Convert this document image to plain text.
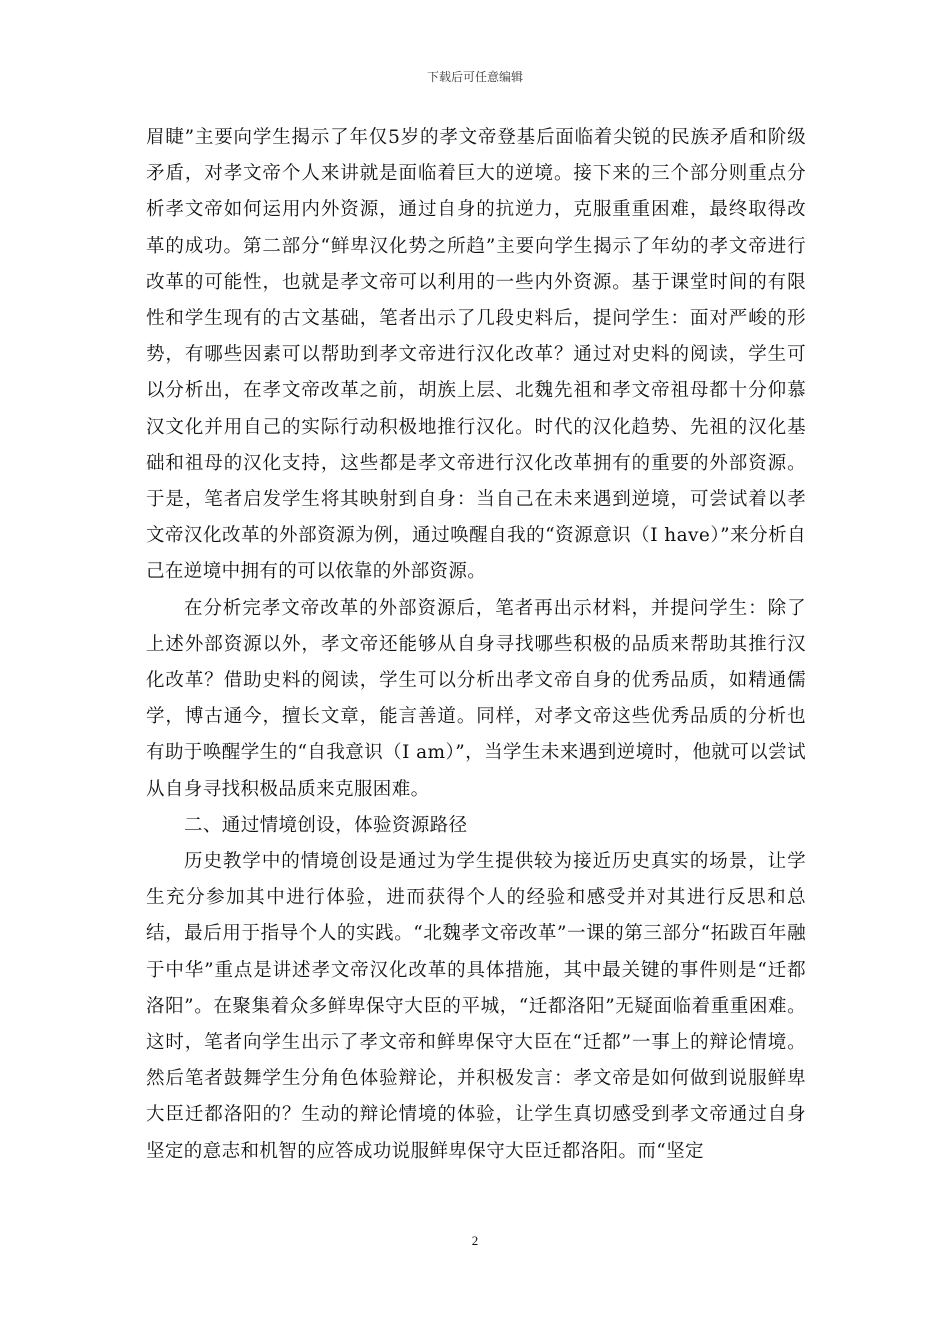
下载后可任意编辑

眉睫”主要向学生揭示了年仅5岁的孝文帝登基后面临着尖锐的民族矛盾和阶级矛盾，对孝文帝个人来讲就是面临着巨大的逆境。接下来的三个部分则重点分析孝文帝如何运用内外资源，通过自身的抗逆力，克服重重困难，最终取得改革的成功。第二部分“鲜卑汉化势之所趋”主要向学生揭示了年幼的孝文帝进行改革的可能性，也就是孝文帝可以利用的一些内外资源。基于课堂时间的有限性和学生现有的古文基础，笔者出示了几段史料后，提问学生：面对严峻的形势，有哪些因素可以帮助到孝文帝进行汉化改革？通过对史料的阅读，学生可以分析出，在孝文帝改革之前，胡族上层、北魏先祖和孝文帝祖母都十分仰慕汉文化并用自己的实际行动积极地推行汉化。时代的汉化趋势、先祖的汉化基础和祖母的汉化支持，这些都是孝文帝进行汉化改革拥有的重要的外部资源。于是，笔者启发学生将其映射到自身：当自己在未来遇到逆境，可尝试着以孝文帝汉化改革的外部资源为例，通过唤醒自我的“资源意识（I have）”来分析自己在逆境中拥有的可以依靠的外部资源。

在分析完孝文帝改革的外部资源后，笔者再出示材料，并提问学生：除了上述外部资源以外，孝文帝还能够从自身寻找哪些积极的品质来帮助其推行汉化改革？借助史料的阅读，学生可以分析出孝文帝自身的优秀品质，如精通儒学，博古通今，擅长文章，能言善道。同样，对孝文帝这些优秀品质的分析也有助于唤醒学生的“自我意识（I am）”，当学生未来遇到逆境时，他就可以尝试从自身寻找积极品质来克服困难。

二、通过情境创设，体验资源路径

历史教学中的情境创设是通过为学生提供较为接近历史真实的场景，让学生充分参加其中进行体验，进而获得个人的经验和感受并对其进行反思和总结，最后用于指导个人的实践。“北魏孝文帝改革”一课的第三部分“拓跋百年融于中华”重点是讲述孝文帝汉化改革的具体措施，其中最关键的事件则是“迁都洛阳”。在聚集着众多鲜卑保守大臣的平城，“迁都洛阳”无疑面临着重重困难。这时，笔者向学生出示了孝文帝和鲜卑保守大臣在“迁都”一事上的辩论情境。然后笔者鼓舞学生分角色体验辩论，并积极发言：孝文帝是如何做到说服鲜卑大臣迁都洛阳的？生动的辩论情境的体验，让学生真切感受到孝文帝通过自身坚定的意志和机智的应答成功说服鲜卑保守大臣迁都洛阳。而“坚定

2
